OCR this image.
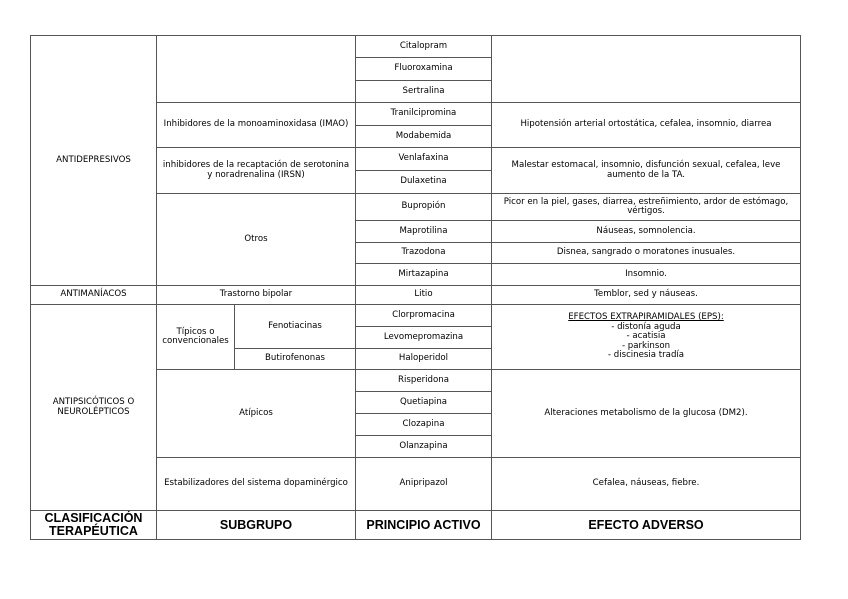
ANTIDEPRESIVOS			Citalopram	
			Fluoroxamina	
			Sertralina	
	Inhibidores de la monoaminoxidasa (IMAO)		Tranilcipromina	Hipotensión arterial ortostática, cefalea, insomnio, diarrea
			Modabemida	
	inhibidores de la recaptación de serotonina y noradrenalina (IRSN)		Venlafaxina	Malestar estomacal, insomnio, disfunción sexual, cefalea, leve aumento de la TA.
			Dulaxetina	
	Otros		Bupropión	Picor en la piel, gases, diarrea, estreñimiento, ardor de estómago, vértigos.
			Maprotilina	Náuseas, somnolencia.
			Trazodona	Disnea, sangrado o moratones inusuales.
			Mirtazapina	Insomnio.
ANTIMANÍACOS	Trastorno bipolar		Litio	Temblor, sed y náuseas.
ANTIPSICÓTICOS O NEUROLÉPTICOS	Típicos o convencionales	Fenotiacinas	Clorpromacina	EFECTOS EXTRAPIRAMIDALES (EPS):
- distonía aguda
- acatisia
- parkinson
- discinesia tradía

			Levomepromazina	
		Butirofenonas	Haloperidol	
	Atípicos		Risperidona	Alteraciones metabolismo de la glucosa (DM2).
			Quetiapina	
			Clozapina	
			Olanzapina	
	Estabilizadores del sistema dopaminérgico		Anipripazol	Cefalea, náuseas, fiebre.
CLASIFICACIÓN TERAPÉUTICA	SUBGRUPO		PRINCIPIO ACTIVO	EFECTO ADVERSO
